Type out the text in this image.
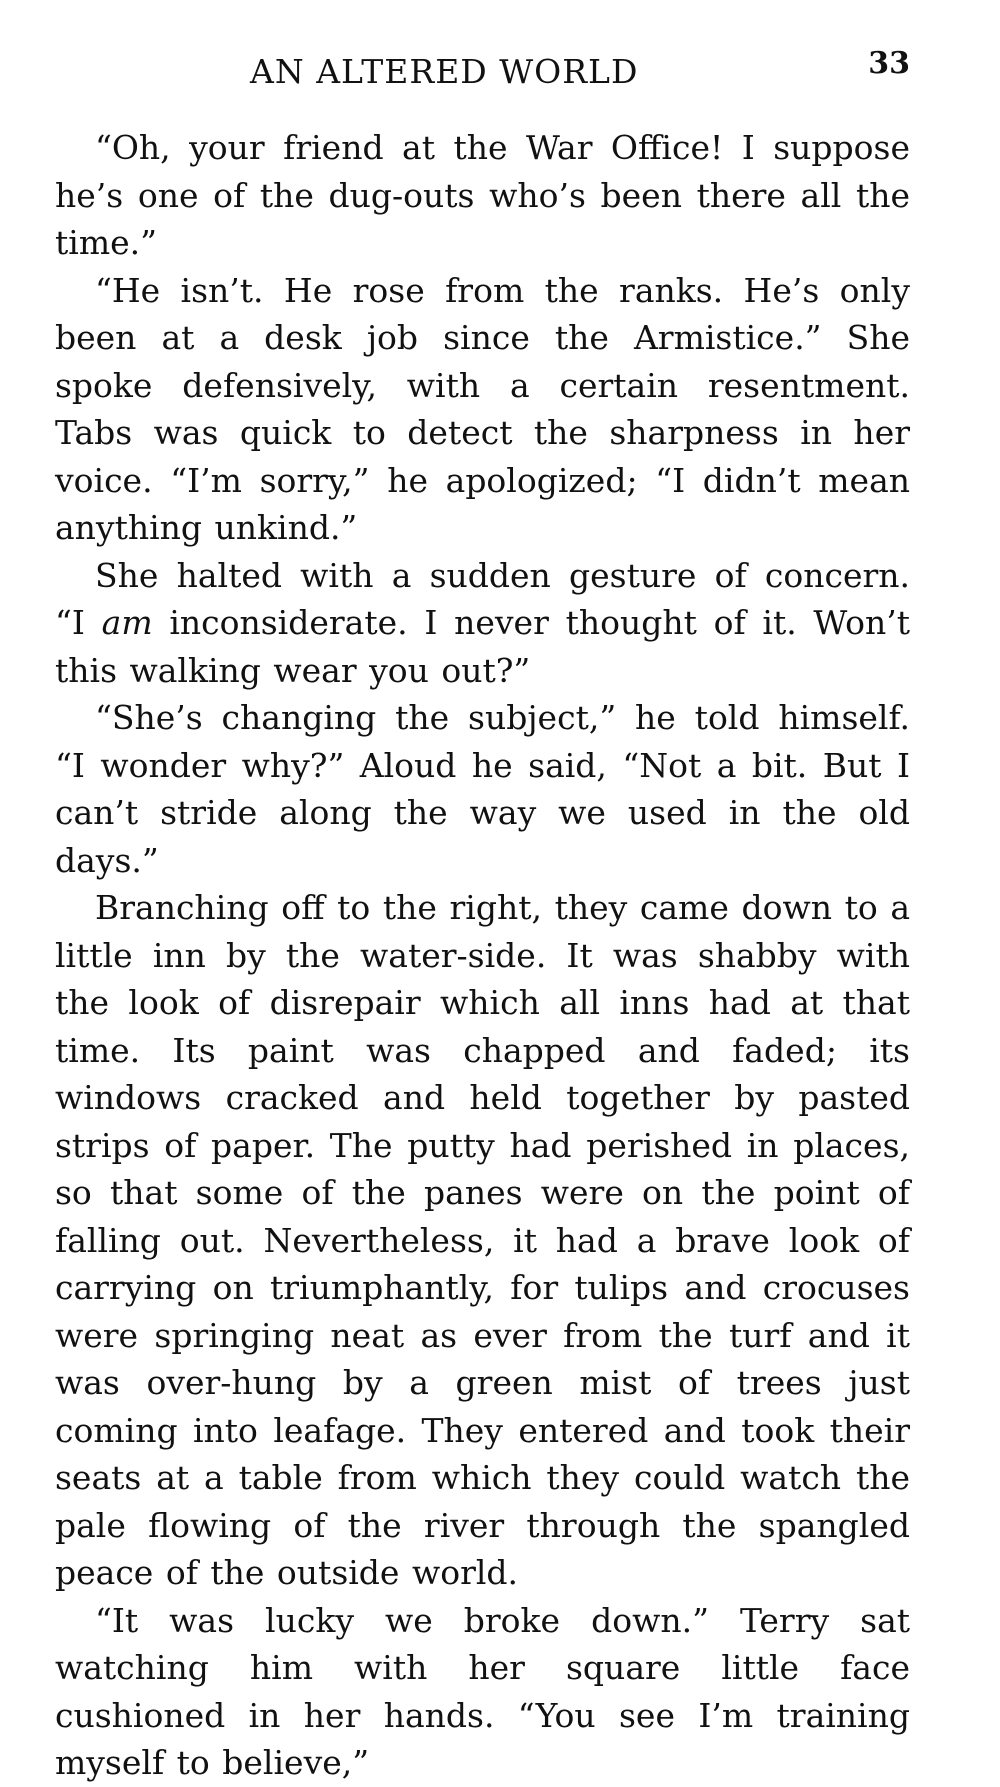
AN ALTERED WORLD	33

“Oh, your friend at the War Office! I suppose he’s one of the dug-outs who’s been there all the time.”

“He isn’t. He rose from the ranks. He’s only been at a desk job since the Armistice.” She spoke defensively, with a certain resentment. Tabs was quick to detect the sharpness in her voice. “I’m sorry,” he apologized; “I didn’t mean anything unkind.”

She halted with a sudden gesture of concern. “I am inconsiderate. I never thought of it. Won’t this walking wear you out?”

“She’s changing the subject,” he told himself. “I wonder why?” Aloud he said, “Not a bit. But I can’t stride along the way we used in the old days.”

Branching off to the right, they came down to a little inn by the water-side. It was shabby with the look of disrepair which all inns had at that time. Its paint was chapped and faded; its windows cracked and held together by pasted strips of paper. The putty had perished in places, so that some of the panes were on the point of falling out. Nevertheless, it had a brave look of carrying on triumphantly, for tulips and crocuses were springing neat as ever from the turf and it was over-hung by a green mist of trees just coming into leafage. They entered and took their seats at a table from which they could watch the pale flowing of the river through the spangled peace of the outside world.

“It was lucky we broke down.” Terry sat watching him with her square little face cushioned in her hands. “You see I’m training myself to believe,”
